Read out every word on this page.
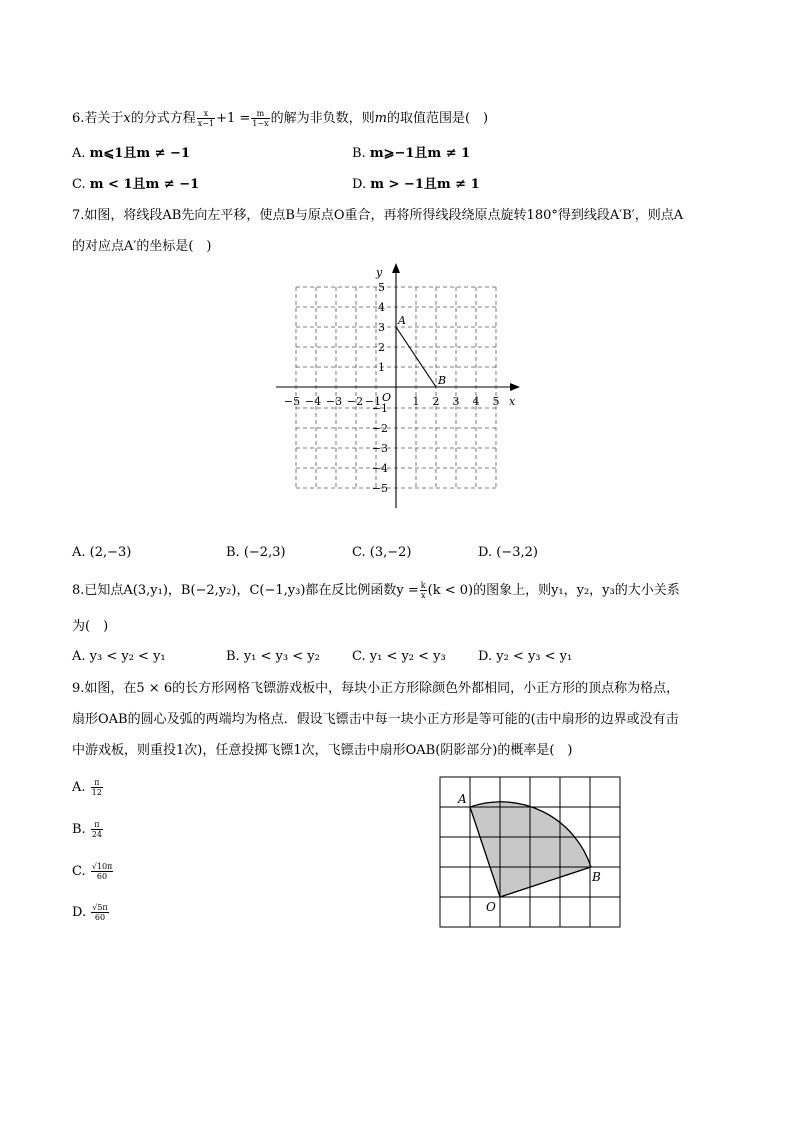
6.若关于x的分式方程 $\frac{x}{x-1} +1 = \frac{m}{1-x}$ 的解为非负数，则m的取值范围是(　)
A. m⩽1且m ≠ −1	B. m⩾−1且m ≠ 1
C. m < 1且m ≠ −1	D. m > −1且m ≠ 1
7.如图，将线段AB先向左平移，使点B与原点O重合，再将所得线段绕原点旋转180°得到线段A′B′，则点A
的对应点A′的坐标是(　)
y
x
O
A
B
−5 −4 −3 −2 −1	1 2 3 4 5
1
2
3
4
5
−1
−2
−3
−4
−5
A. (2,−3)	B. (−2,3)	C. (3,−2)	D. (−3,2)
8.已知点A(3,y₁)，B(−2,y₂)，C(−1,y₃)都在反比例函数$y = \frac{k}{x} (k < 0)$的图象上，则y₁，y₂，y₃的大小关系
为(　)
A. y₃ < y₂ < y₁	B. y₁ < y₃ < y₂ C. y₁ < y₂ < y₃ D. y₂ < y₃ < y₁
9.如图，在5 × 6的长方形网格飞镖游戏板中，每块小正方形除颜色外都相同，小正方形的顶点称为格点，
扇形OAB的圆心及弧的两端均为格点．假设飞镖击中每一块小正方形是等可能的(击中扇形的边界或没有击
中游戏板，则重投1次)，任意投掷飞镖1次，飞镖击中扇形OAB(阴影部分)的概率是(　)
A. $\frac{\pi}{12}$
B. $\frac{\pi}{24}$
C. $\frac{√10\pi}{60}$
D. $\frac{√5\pi}{60}$
A
B
O
